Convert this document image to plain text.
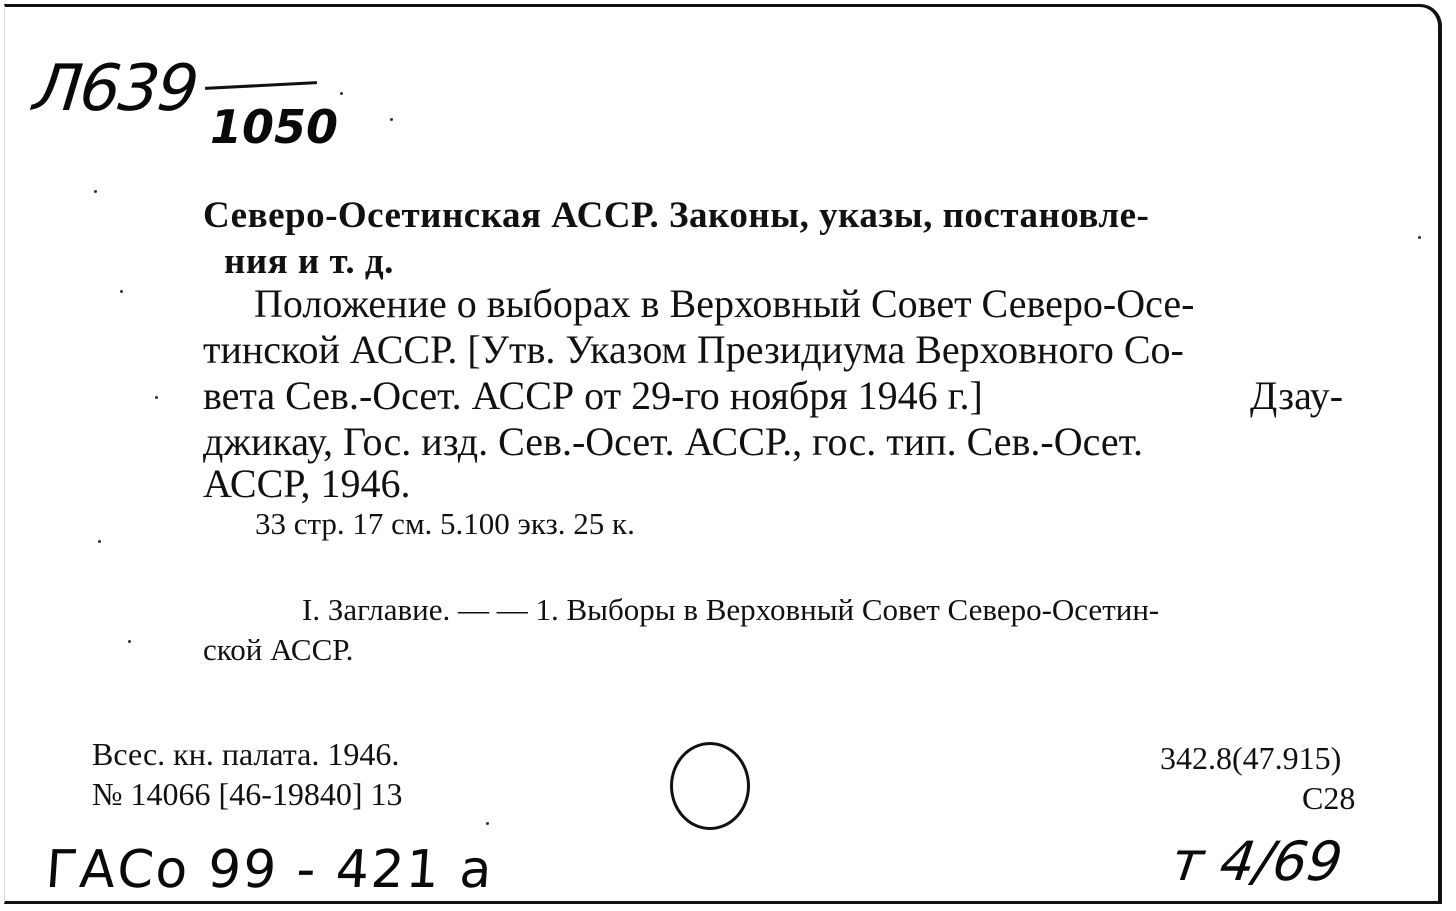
Л639
1050
Северо-Осетинская АССР. Законы, указы, постановле-
ния и т. д.
Положение о выборах в Верховный Совет Северо-Осе-
тинской АССР. [Утв. Указом Президиума Верховного Со-
вета Сев.-Осет. АССР от 29-го ноября 1946 г.]	Дзау-
джикау, Гос. изд. Сев.-Осет. АССР., гос. тип. Сев.-Осет.
АССР, 1946.
33 стр. 17 см. 5.100 экз. 25 к.
I. Заглавие. — — 1. Выборы в Верховный Совет Северо-Осетин-
ской АССР.
Всес. кн. палата. 1946.
№ 14066 [46-19840] 13
342.8(47.915)
С28
ГАСо 99 - 421 а	т 4/69
